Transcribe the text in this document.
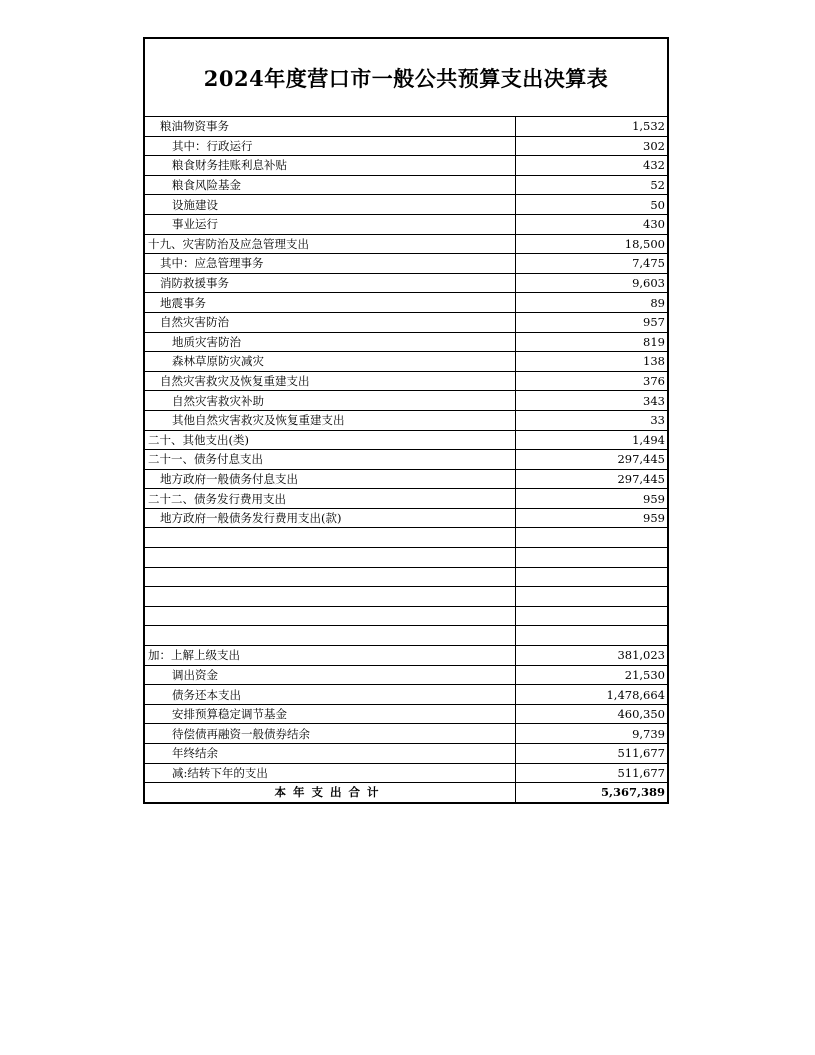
2024年度营口市一般公共预算支出决算表
粮油物资事务	1,532
其中：行政运行	302
粮食财务挂账利息补贴	432
粮食风险基金	52
设施建设	50
事业运行	430
十九、灾害防治及应急管理支出	18,500
其中：应急管理事务	7,475
消防救援事务	9,603
地震事务	89
自然灾害防治	957
地质灾害防治	819
森林草原防灾减灾	138
自然灾害救灾及恢复重建支出	376
自然灾害救灾补助	343
其他自然灾害救灾及恢复重建支出	33
二十、其他支出(类)	1,494
二十一、债务付息支出	297,445
地方政府一般债务付息支出	297,445
二十二、债务发行费用支出	959
地方政府一般债务发行费用支出(款)	959

加：上解上级支出	381,023
调出资金	21,530
债务还本支出	1,478,664
安排预算稳定调节基金	460,350
待偿债再融资一般债券结余	9,739
年终结余	511,677
减:结转下年的支出	511,677
本年支出合计	5,367,389
